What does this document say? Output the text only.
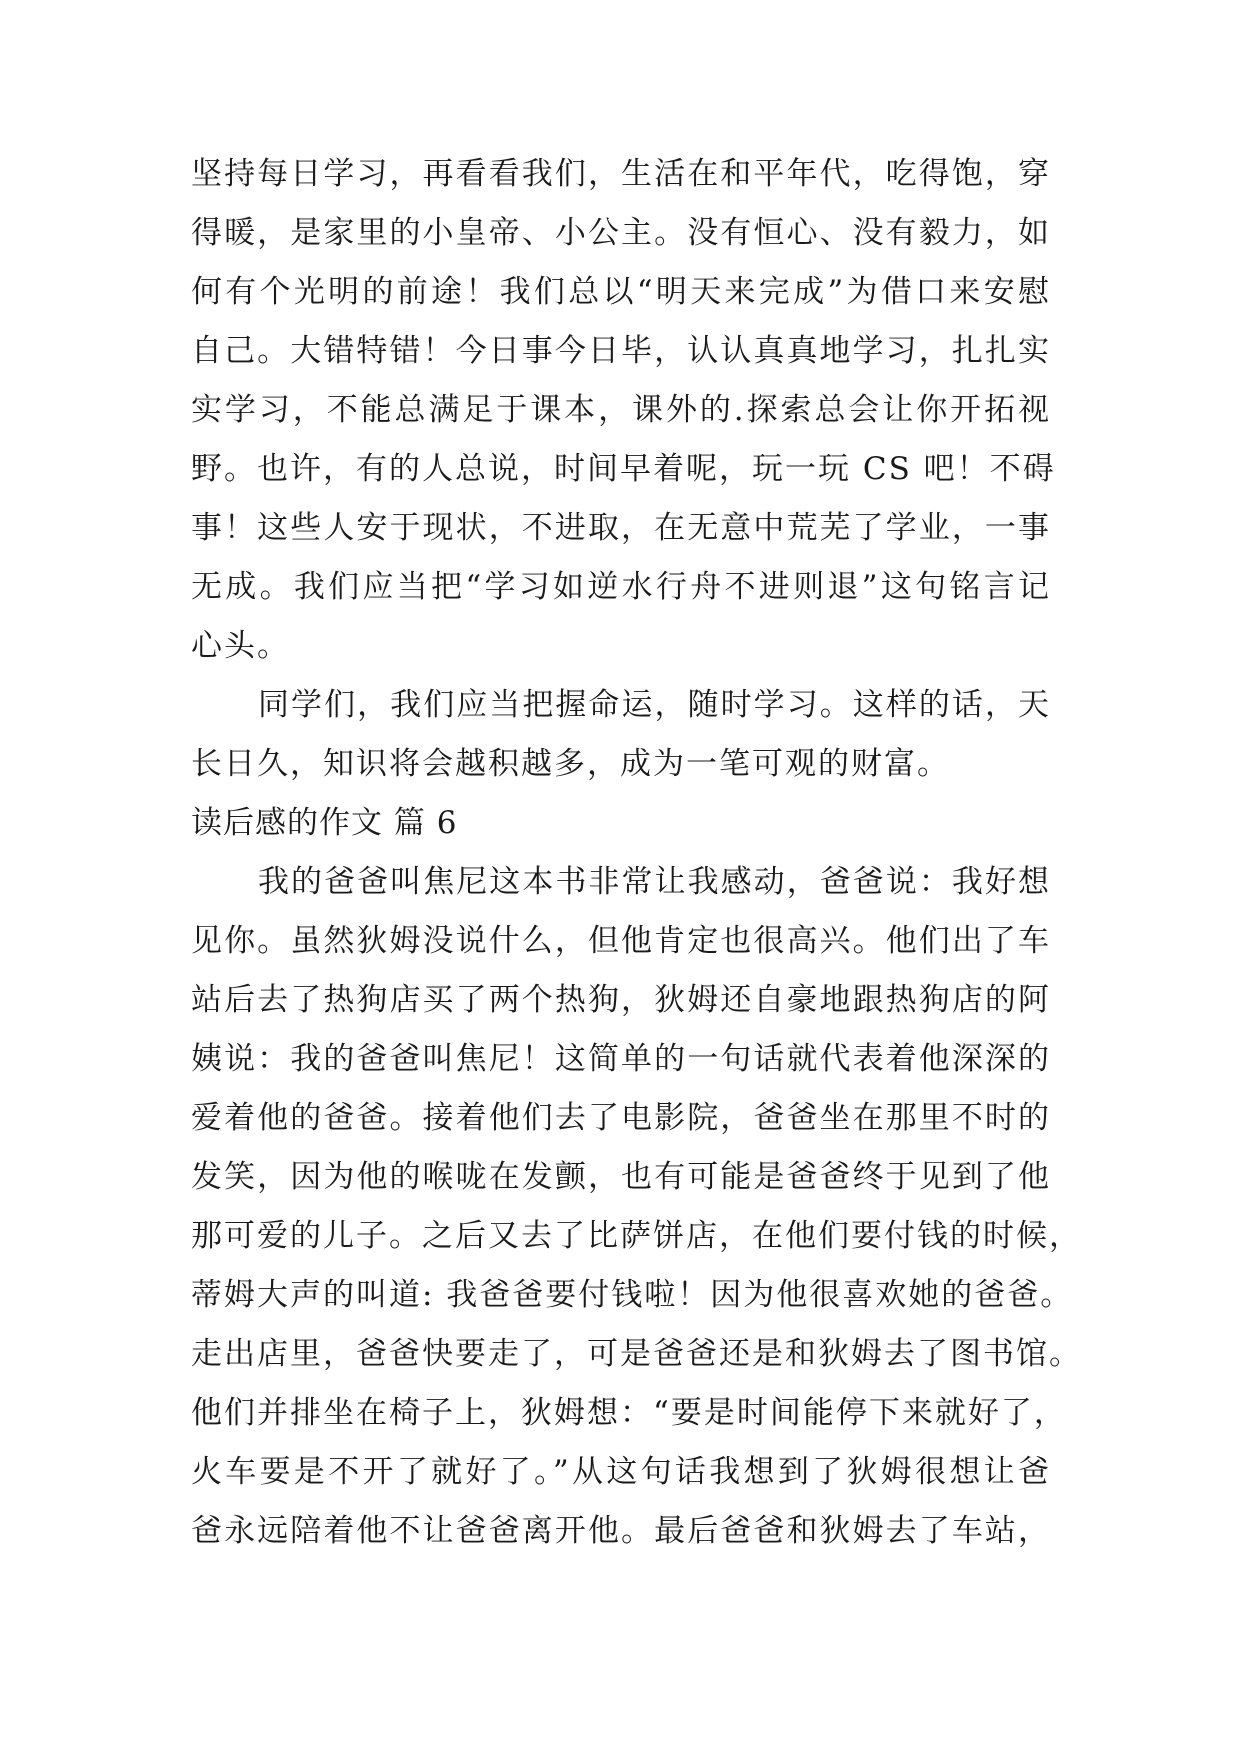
坚持每日学习，再看看我们，生活在和平年代，吃得饱，穿
得暖，是家里的小皇帝、小公主。没有恒心、没有毅力，如
何有个光明的前途！我们总以“明天来完成”为借口来安慰
自己。大错特错！今日事今日毕，认认真真地学习，扎扎实
实学习，不能总满足于课本，课外的.探索总会让你开拓视
野。也许，有的人总说，时间早着呢，玩一玩 CS 吧！不碍
事！这些人安于现状，不进取，在无意中荒芜了学业，一事
无成。我们应当把“学习如逆水行舟不进则退”这句铭言记
心头。
同学们，我们应当把握命运，随时学习。这样的话，天
长日久，知识将会越积越多，成为一笔可观的财富。
读后感的作文 篇 6
我的爸爸叫焦尼这本书非常让我感动，爸爸说：我好想
见你。虽然狄姆没说什么，但他肯定也很高兴。他们出了车
站后去了热狗店买了两个热狗，狄姆还自豪地跟热狗店的阿
姨说：我的爸爸叫焦尼！这简单的一句话就代表着他深深的
爱着他的爸爸。接着他们去了电影院，爸爸坐在那里不时的
发笑，因为他的喉咙在发颤，也有可能是爸爸终于见到了他
那可爱的儿子。之后又去了比萨饼店，在他们要付钱的时候，
蒂姆大声的叫道: 我爸爸要付钱啦！因为他很喜欢她的爸爸。
走出店里，爸爸快要走了，可是爸爸还是和狄姆去了图书馆。
他们并排坐在椅子上，狄姆想：“要是时间能停下来就好了，
火车要是不开了就好了。”从这句话我想到了狄姆很想让爸
爸永远陪着他不让爸爸离开他。最后爸爸和狄姆去了车站，
